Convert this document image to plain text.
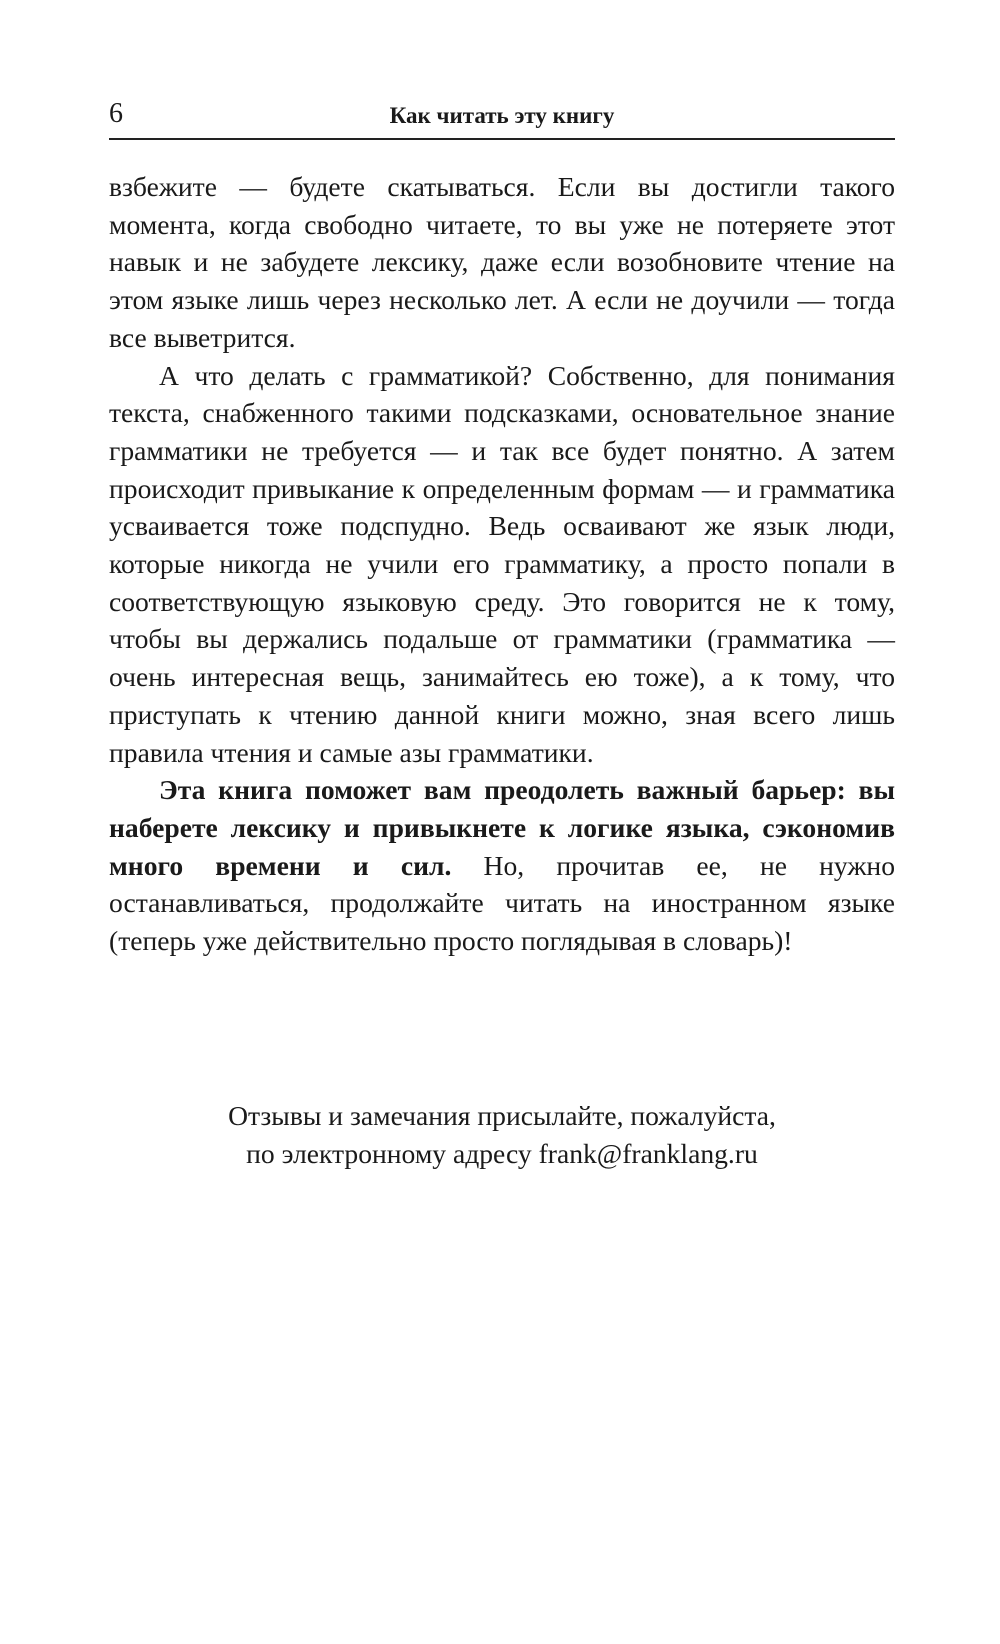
6	Как читать эту книгу

взбежите — будете скатываться. Если вы достигли такого момента, когда свободно читаете, то вы уже не потеряете этот навык и не забудете лексику, даже если возобновите чтение на этом языке лишь через несколько лет. А если не доучили — тогда все выветрится.

А что делать с грамматикой? Собственно, для понимания текста, снабженного такими подсказками, основательное знание грамматики не требуется — и так все будет понятно. А затем происходит привыкание к определенным формам — и грамматика усваивается тоже подспудно. Ведь осваивают же язык люди, которые никогда не учили его грамматику, а просто попали в соответствующую языковую среду. Это говорится не к тому, чтобы вы держались подальше от грамматики (грамматика — очень интересная вещь, занимайтесь ею тоже), а к тому, что приступать к чтению данной книги можно, зная всего лишь правила чтения и самые азы грамматики.

Эта книга поможет вам преодолеть важный барьер: вы наберете лексику и привыкнете к логике языка, сэкономив много времени и сил. Но, прочитав ее, не нужно останавливаться, продолжайте читать на иностранном языке (теперь уже действительно просто поглядывая в словарь)!

Отзывы и замечания присылайте, пожалуйста,

по электронному адресу frank@franklang.ru
